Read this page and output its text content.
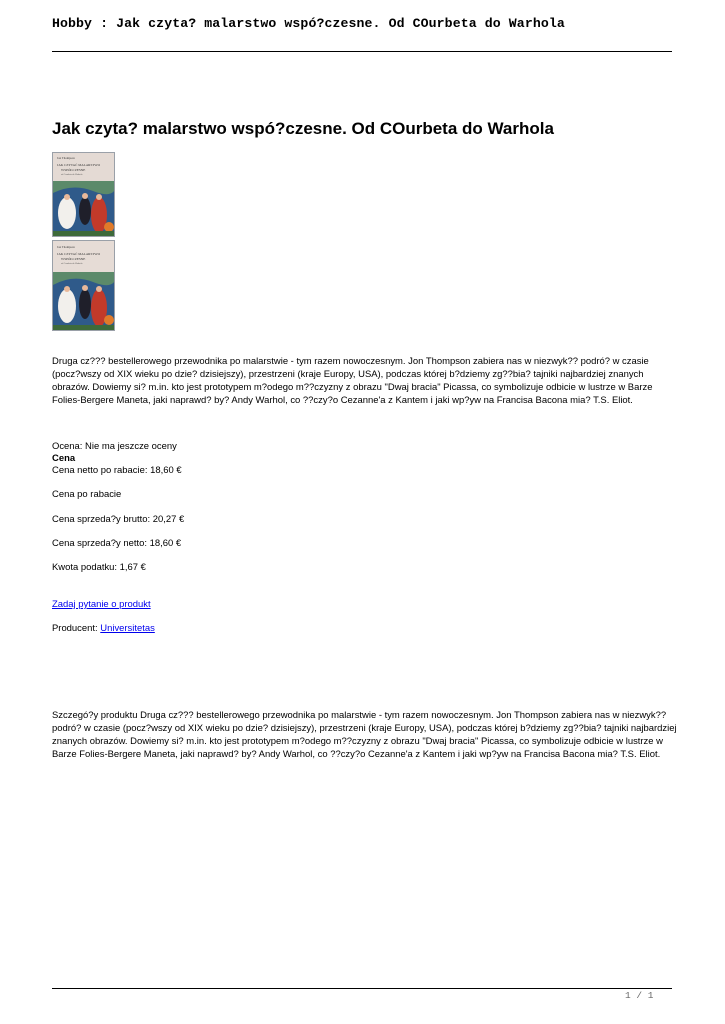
Hobby : Jak czyta? malarstwo wspó?czesne. Od COurbeta do Warhola
Jak czyta? malarstwo wspó?czesne. Od COurbeta do Warhola
Jon Thompson
JAK CZYTAĆ MALARSTWO
WSPÓŁCZESNE
od Courbeta do Warhola
Jon Thompson
JAK CZYTAĆ MALARSTWO
WSPÓŁCZESNE
od Courbeta do Warhola
Druga cz??? bestellerowego przewodnika po malarstwie - tym razem nowoczesnym. Jon Thompson zabiera nas w niezwyk?? podró? w czasie (pocz?wszy od XIX wieku po dzie? dzisiejszy), przestrzeni (kraje Europy, USA), podczas której b?dziemy zg??bia? tajniki najbardziej znanych obrazów. Dowiemy si? m.in. kto jest prototypem m?odego m??czyzny z obrazu "Dwaj bracia" Picassa, co symbolizuje odbicie w lustrze w Barze Folies-Bergere Maneta, jaki naprawd? by? Andy Warhol, co ??czy?o Cezanne'a z Kantem i jaki wp?yw na Francisa Bacona mia? T.S. Eliot.
Ocena: Nie ma jeszcze oceny
Cena
Cena netto po rabacie: 18,60 €
Cena po rabacie
Cena sprzeda?y brutto: 20,27 €
Cena sprzeda?y netto: 18,60 €
Kwota podatku: 1,67 €
Zadaj pytanie o produkt
Producent: Universitetas
Szczegó?y produktu Druga cz??? bestellerowego przewodnika po malarstwie - tym razem nowoczesnym. Jon Thompson zabiera nas w niezwyk?? podró? w czasie (pocz?wszy od XIX wieku po dzie? dzisiejszy), przestrzeni (kraje Europy, USA), podczas której b?dziemy zg??bia? tajniki najbardziej znanych obrazów. Dowiemy si? m.in. kto jest prototypem m?odego m??czyzny z obrazu "Dwaj bracia" Picassa, co symbolizuje odbicie w lustrze w Barze Folies-Bergere Maneta, jaki naprawd? by? Andy Warhol, co ??czy?o Cezanne'a z Kantem i jaki wp?yw na Francisa Bacona mia? T.S. Eliot.
1 / 1
